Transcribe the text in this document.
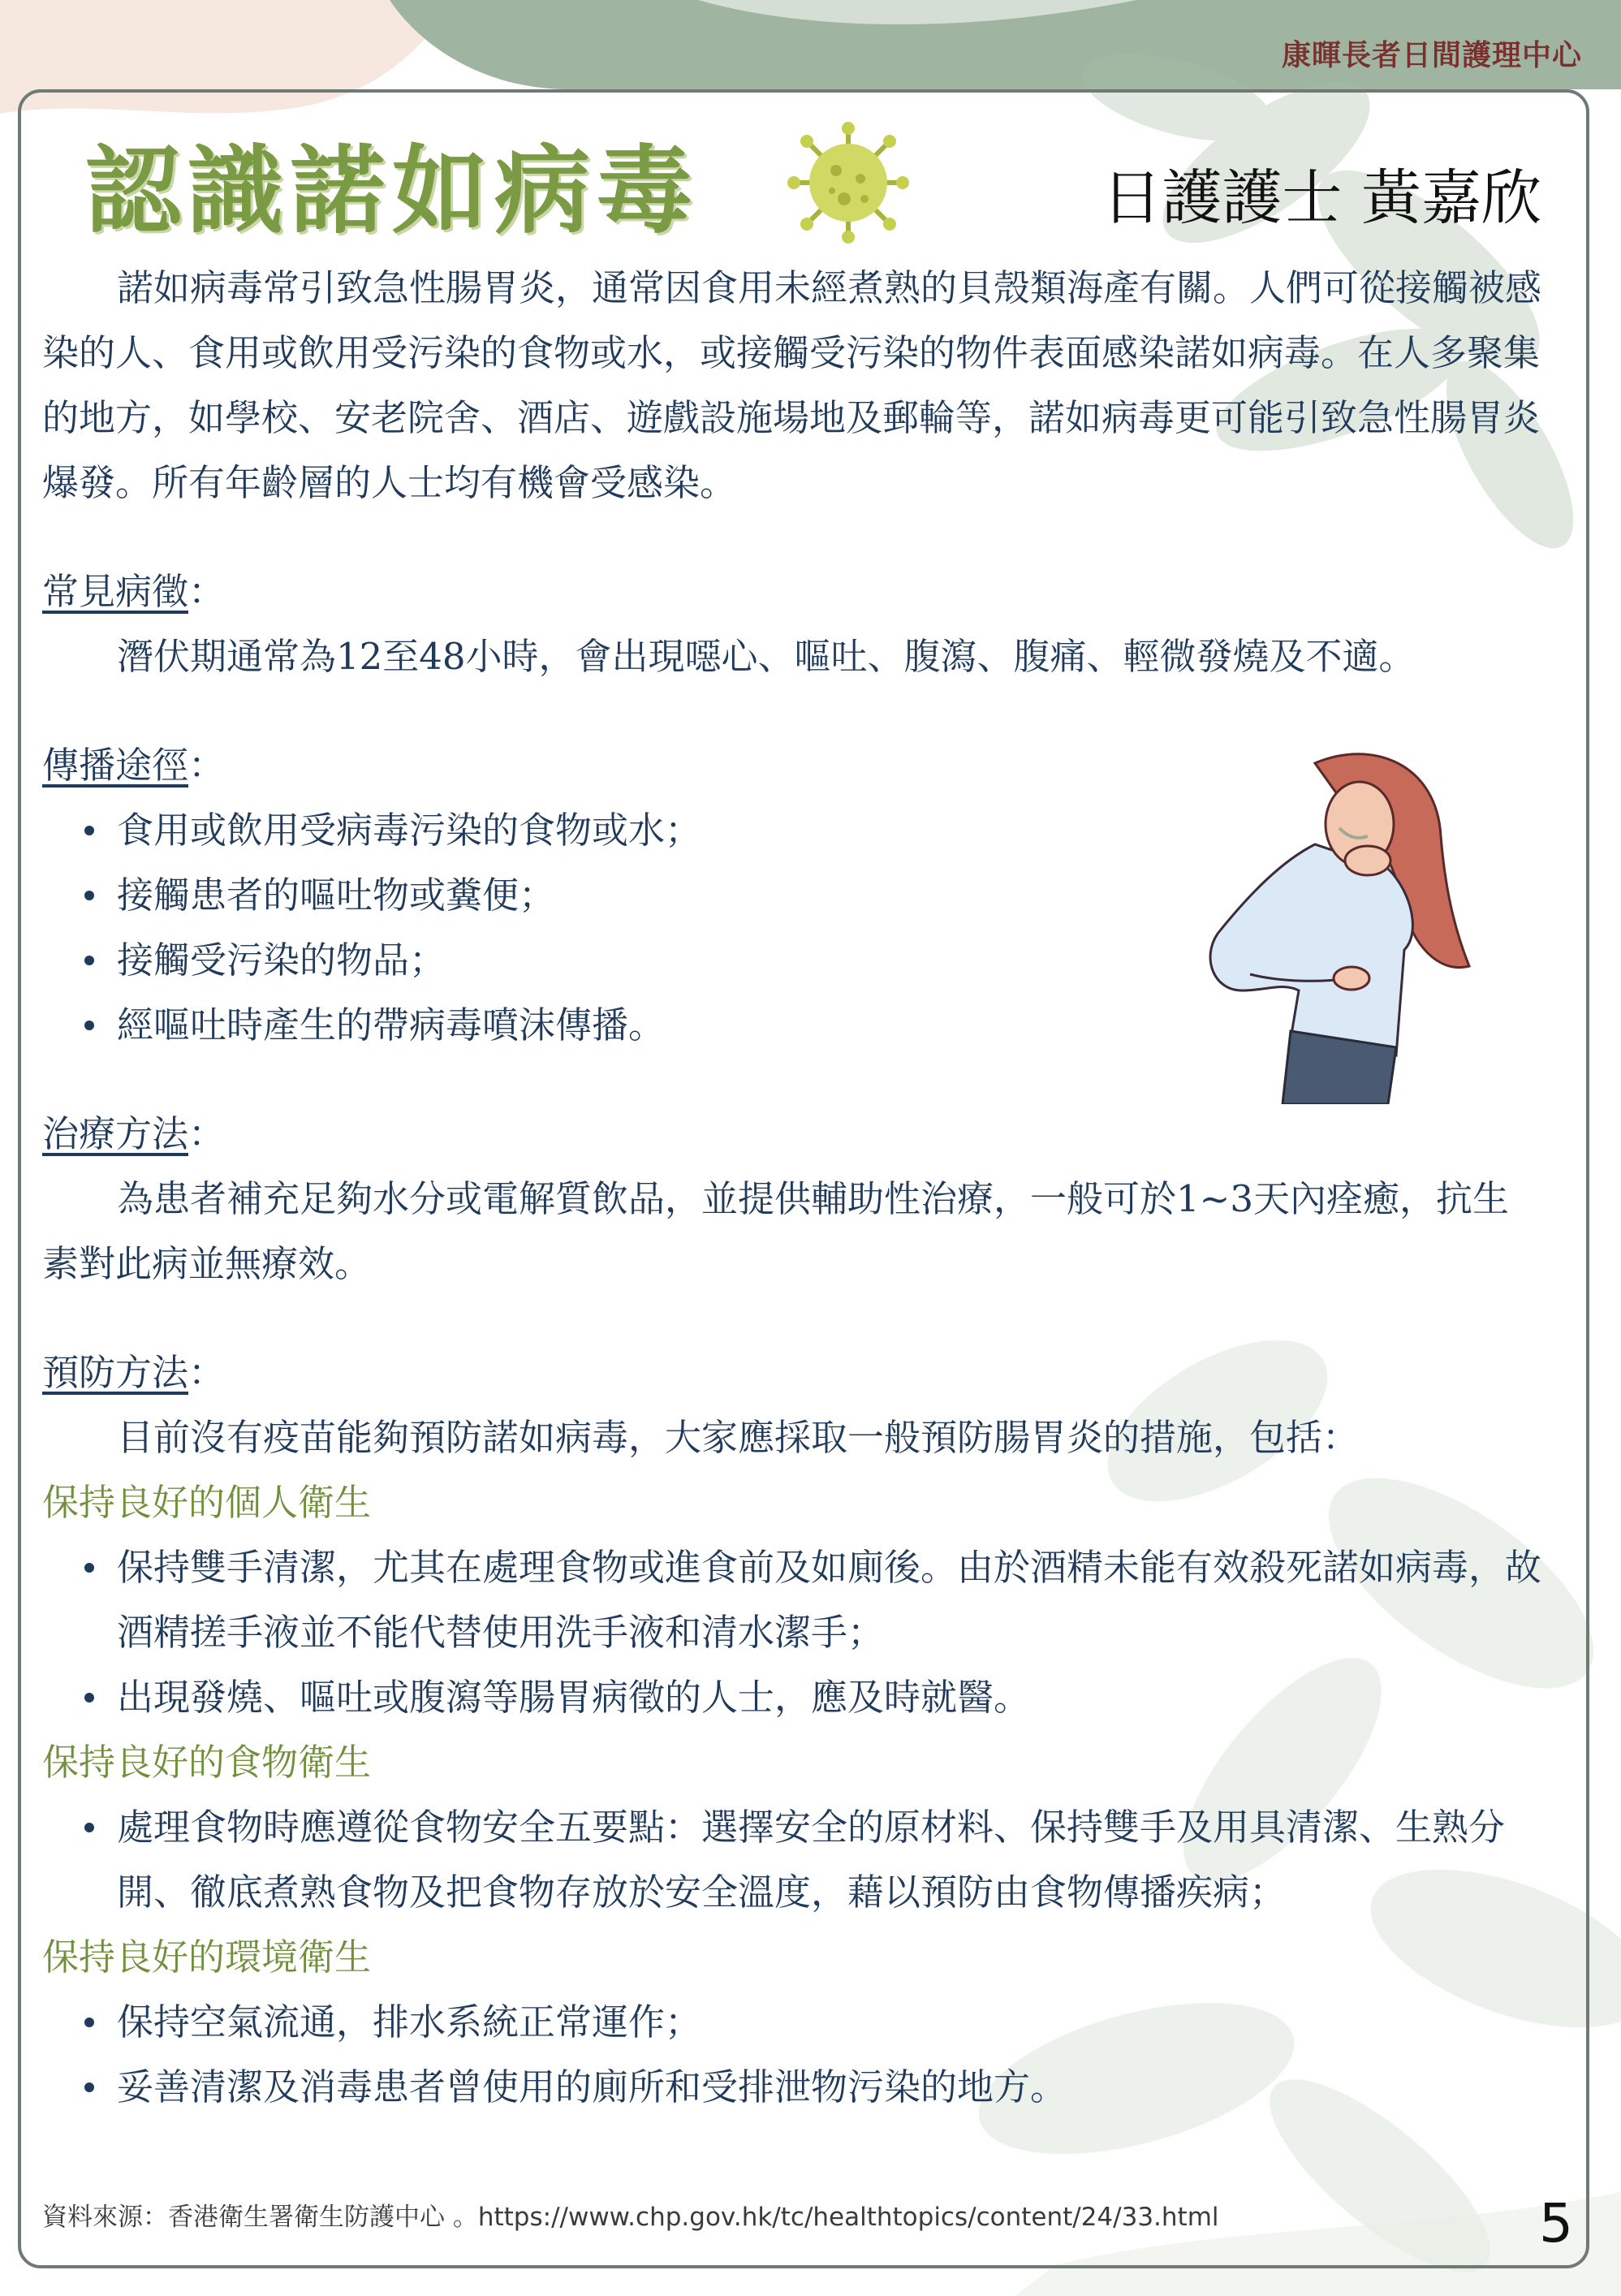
康暉長者日間護理中心
認識諾如病毒	日護護士 黃嘉欣

諾如病毒常引致急性腸胃炎，通常因食用未經煮熟的貝殼類海產有關。人們可從接觸被感染的人、食用或飲用受污染的食物或水，或接觸受污染的物件表面感染諾如病毒。在人多聚集的地方，如學校、安老院舍、酒店、遊戲設施場地及郵輪等，諾如病毒更可能引致急性腸胃炎爆發。所有年齡層的人士均有機會受感染。

常見病徵：

潛伏期通常為12至48小時，會出現噁心、嘔吐、腹瀉、腹痛、輕微發燒及不適。

傳播途徑：

食用或飲用受病毒污染的食物或水；
接觸患者的嘔吐物或糞便；
接觸受污染的物品；
經嘔吐時產生的帶病毒噴沫傳播。

治療方法：

為患者補充足夠水分或電解質飲品，並提供輔助性治療，一般可於1~3天內痊癒，抗生素對此病並無療效。

預防方法：

目前沒有疫苗能夠預防諾如病毒，大家應採取一般預防腸胃炎的措施，包括：

保持良好的個人衛生

保持雙手清潔，尤其在處理食物或進食前及如廁後。由於酒精未能有效殺死諾如病毒，故酒精搓手液並不能代替使用洗手液和清水潔手；
出現發燒、嘔吐或腹瀉等腸胃病徵的人士，應及時就醫。

保持良好的食物衛生

處理食物時應遵從食物安全五要點：選擇安全的原材料、保持雙手及用具清潔、生熟分開、徹底煮熟食物及把食物存放於安全溫度，藉以預防由食物傳播疾病；

保持良好的環境衛生

保持空氣流通，排水系統正常運作；
妥善清潔及消毒患者曾使用的廁所和受排泄物污染的地方。
資料來源：香港衛生署衛生防護中心 。https://www.chp.gov.hk/tc/healthtopics/content/24/33.html	5
